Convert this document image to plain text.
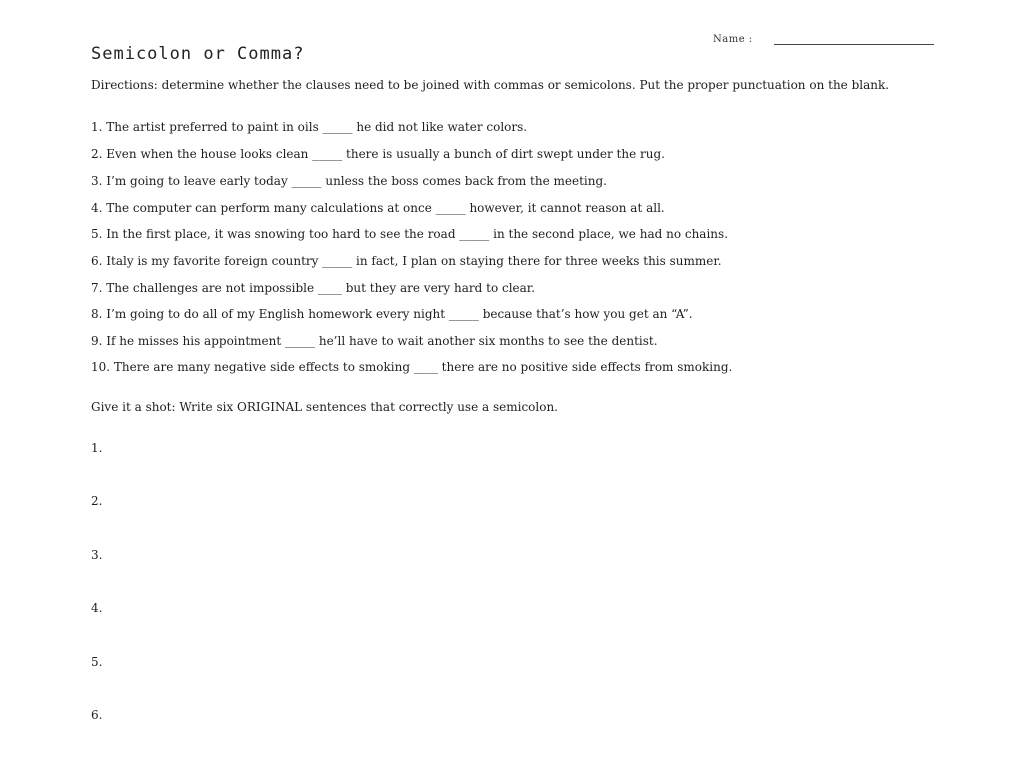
Name :
Semicolon or Comma?
Directions: determine whether the clauses need to be joined with commas or semicolons. Put the proper punctuation on the blank.
1. The artist preferred to paint in oils _____ he did not like water colors.
2. Even when the house looks clean _____ there is usually a bunch of dirt swept under the rug.
3. I’m going to leave early today _____ unless the boss comes back from the meeting.
4. The computer can perform many calculations at once _____ however, it cannot reason at all.
5. In the first place, it was snowing too hard to see the road _____ in the second place, we had no chains.
6. Italy is my favorite foreign country _____ in fact, I plan on staying there for three weeks this summer.
7. The challenges are not impossible ____ but they are very hard to clear.
8. I’m going to do all of my English homework every night _____ because that’s how you get an “A”.
9. If he misses his appointment _____ he’ll have to wait another six months to see the dentist.
10. There are many negative side effects to smoking ____ there are no positive side effects from smoking.
Give it a shot: Write six ORIGINAL sentences that correctly use a semicolon.
1.
2.
3.
4.
5.
6.
